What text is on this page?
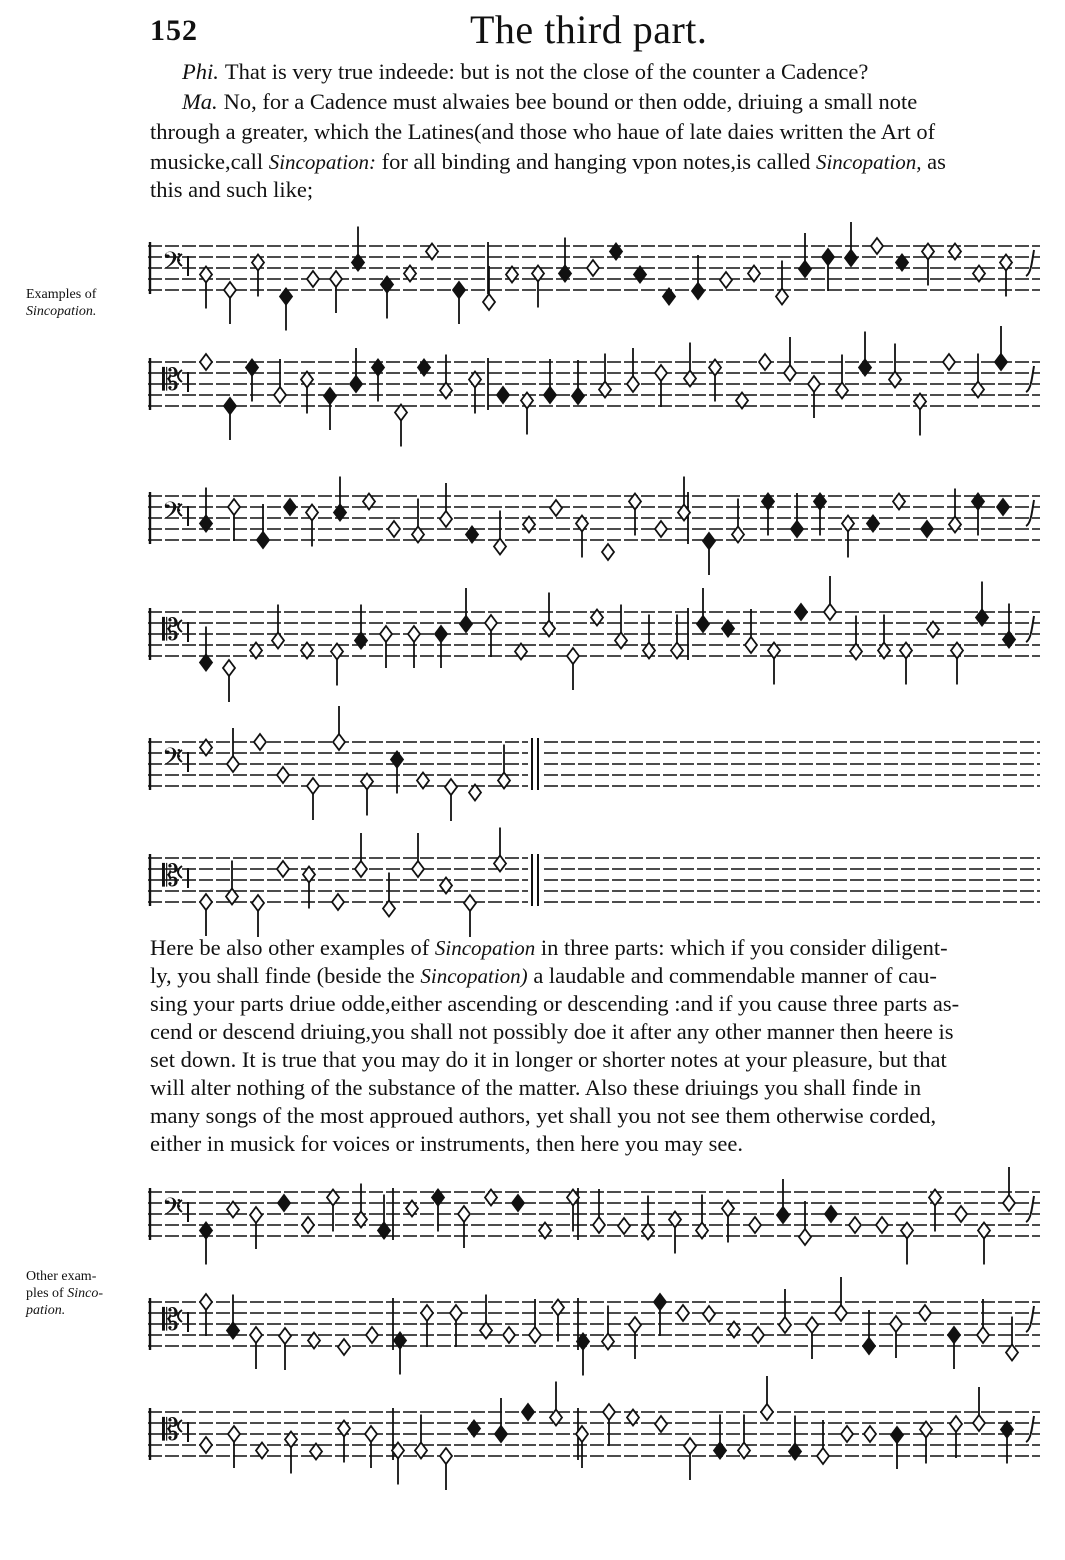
152	The third part.
Phi. That is very true indeede: but is not the close of the counter a Cadence?
Ma. No, for a Cadence must alwaies bee bound or then odde, driuing a small note
through a greater, which the Latines(and those who haue of late daies written the Art of
musicke,call Sincopation: for all binding and hanging vpon notes,is called Sincopation, as
this and such like;
Examples of
Sincopation.
Other exam-
ples of Sinco-
pation.
𝄢
𝄡
𝄢
𝄡
𝄢
𝄡
Here be also other examples of Sincopation in three parts: which if you consider diligent-
ly, you shall finde (beside the Sincopation) a laudable and commendable manner of cau-
sing your parts driue odde,either ascending or descending :and if you cause three parts as-
cend or descend driuing,you shall not possibly doe it after any other manner then heere is
set down. It is true that you may do it in longer or shorter notes at your pleasure, but that
will alter nothing of the substance of the matter. Also these driuings you shall finde in
many songs of the most approued authors, yet shall you not see them otherwise corded,
either in musick for voices or instruments, then here you may see.
𝄢
𝄡
𝄡
